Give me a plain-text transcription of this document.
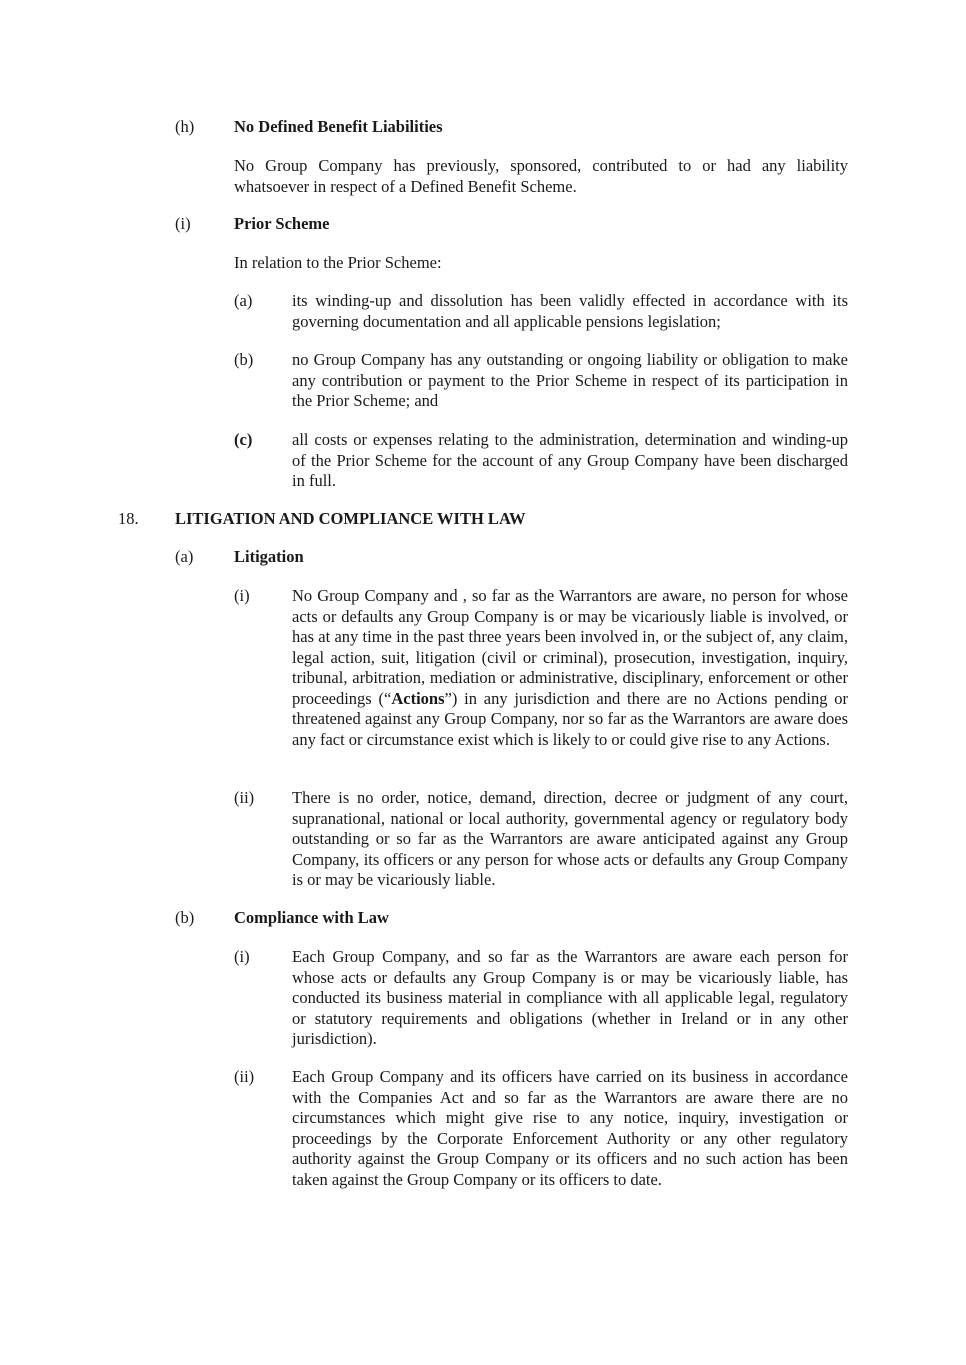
(h) No Defined Benefit Liabilities
No Group Company has previously, sponsored, contributed to or had any liability whatsoever in respect of a Defined Benefit Scheme.
(i)	Prior Scheme
In relation to the Prior Scheme:
(a) its winding-up and dissolution has been validly effected in accordance with its governing documentation and all applicable pensions legislation;
(b) no Group Company has any outstanding or ongoing liability or obligation to make any contribution or payment to the Prior Scheme in respect of its participation in the Prior Scheme; and
(c) all costs or expenses relating to the administration, determination and winding-up of the Prior Scheme for the account of any Group Company have been discharged in full.
18. LITIGATION AND COMPLIANCE WITH LAW
(a) Litigation
(i)	No Group Company and , so far as the Warrantors are aware, no person for whose acts or defaults any Group Company is or may be vicariously liable is involved, or has at any time in the past three years been involved in, or the subject of, any claim, legal action, suit, litigation (civil or criminal), prosecution, investigation, inquiry, tribunal, arbitration, mediation or administrative, disciplinary, enforcement or other proceedings (“Actions”) in any jurisdiction and there are no Actions pending or threatened against any Group Company, nor so far as the Warrantors are aware does any fact or circumstance exist which is likely to or could give rise to any Actions.
(ii) There is no order, notice, demand, direction, decree or judgment of any court, supranational, national or local authority, governmental agency or regulatory body outstanding or so far as the Warrantors are aware anticipated against any Group Company, its officers or any person for whose acts or defaults any Group Company is or may be vicariously liable.
(b) Compliance with Law
(i)	Each Group Company, and so far as the Warrantors are aware each person for whose acts or defaults any Group Company is or may be vicariously liable, has conducted its business material in compliance with all applicable legal, regulatory or statutory requirements and obligations (whether in Ireland or in any other jurisdiction).
(ii) Each Group Company and its officers have carried on its business in accordance with the Companies Act and so far as the Warrantors are aware there are no circumstances which might give rise to any notice, inquiry, investigation or proceedings by the Corporate Enforcement Authority or any other regulatory authority against the Group Company or its officers and no such action has been taken against the Group Company or its officers to date.
